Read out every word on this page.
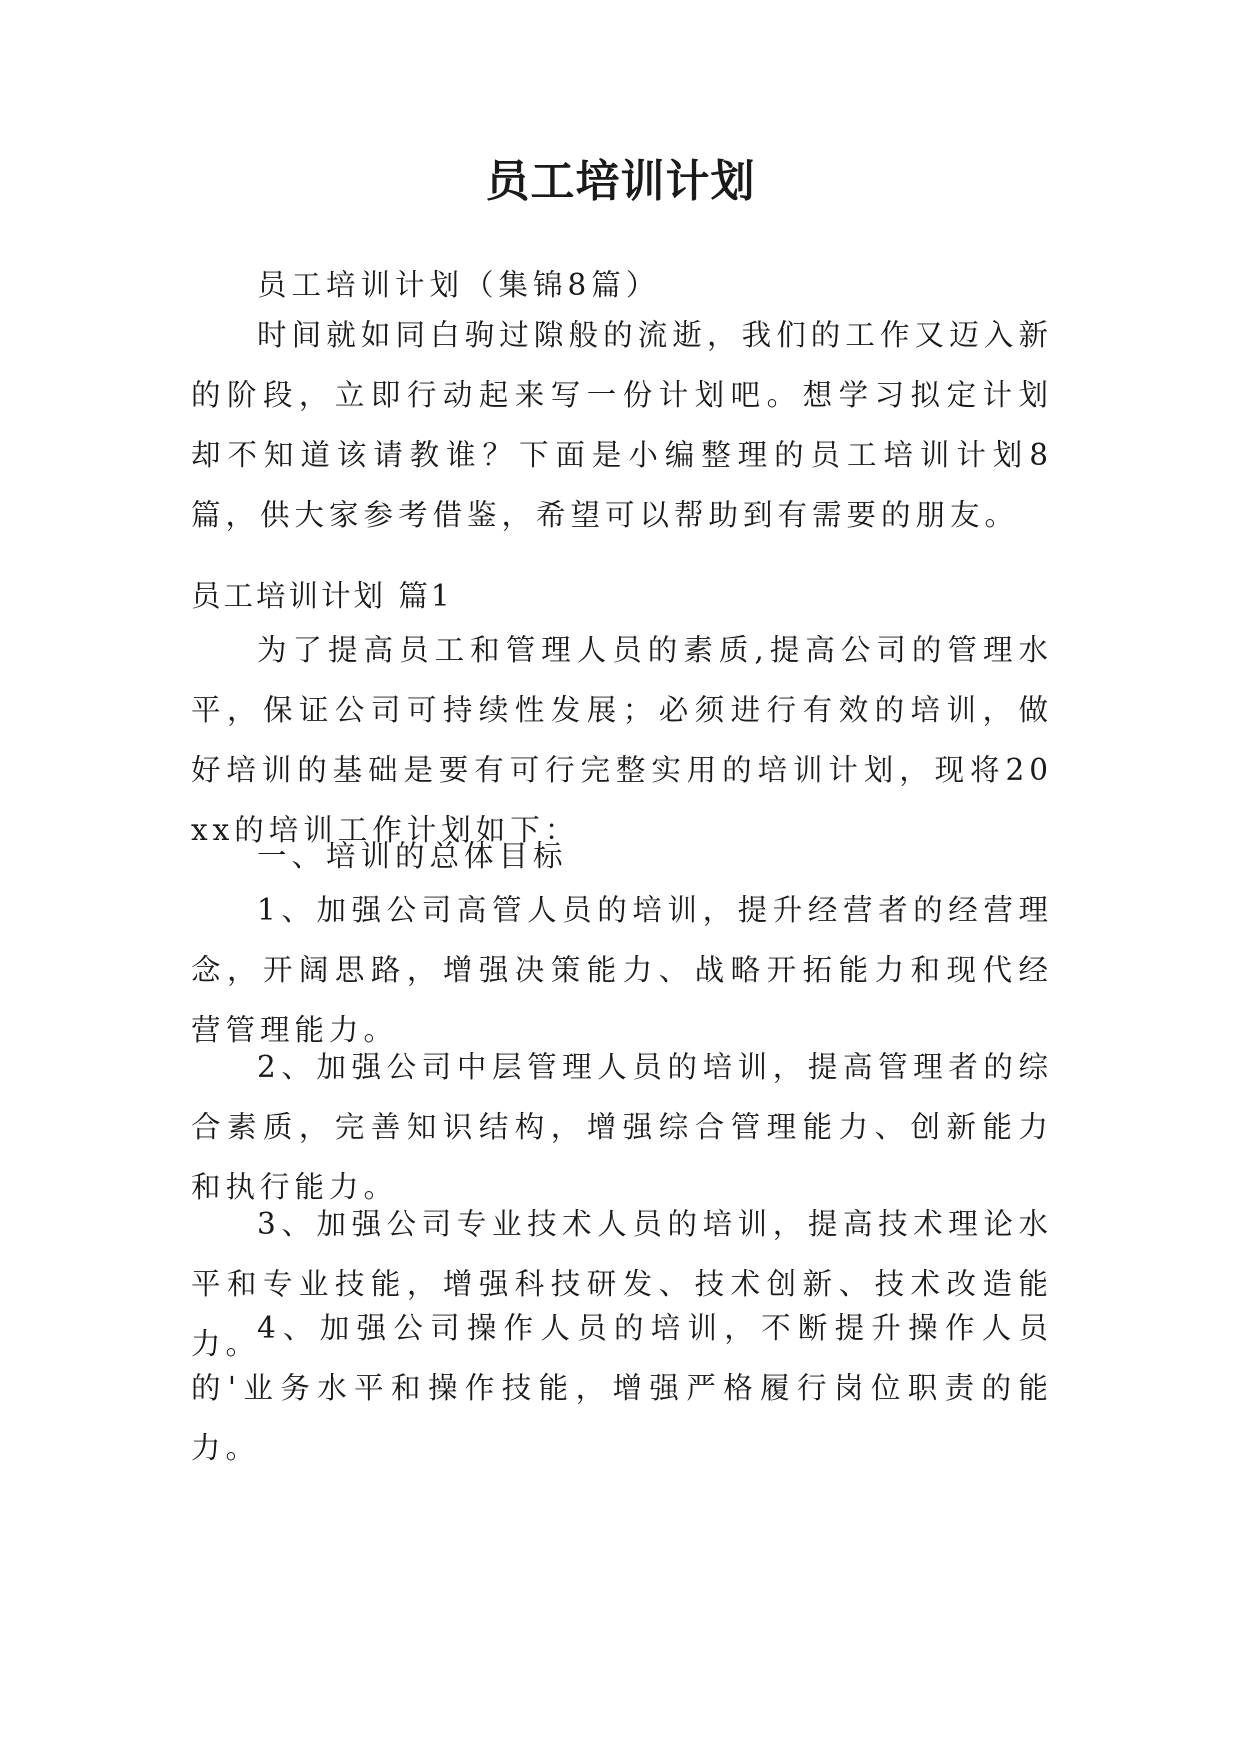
员工培训计划

员工培训计划（集锦8篇）

时间就如同白驹过隙般的流逝，我们的工作又迈入新的阶段，立即行动起来写一份计划吧。想学习拟定计划却不知道该请教谁？下面是小编整理的员工培训计划8篇，供大家参考借鉴，希望可以帮助到有需要的朋友。

员工培训计划 篇1

为了提高员工和管理人员的素质,提高公司的管理水平，保证公司可持续性发展；必须进行有效的培训，做好培训的基础是要有可行完整实用的培训计划，现将20xx的培训工作计划如下：

一、培训的总体目标

1、加强公司高管人员的培训，提升经营者的经营理念，开阔思路，增强决策能力、战略开拓能力和现代经营管理能力。

2、加强公司中层管理人员的培训，提高管理者的综合素质，完善知识结构，增强综合管理能力、创新能力和执行能力。

3、加强公司专业技术人员的培训，提高技术理论水平和专业技能，增强科技研发、技术创新、技术改造能力。

4、加强公司操作人员的培训，不断提升操作人员的'业务水平和操作技能，增强严格履行岗位职责的能力。
